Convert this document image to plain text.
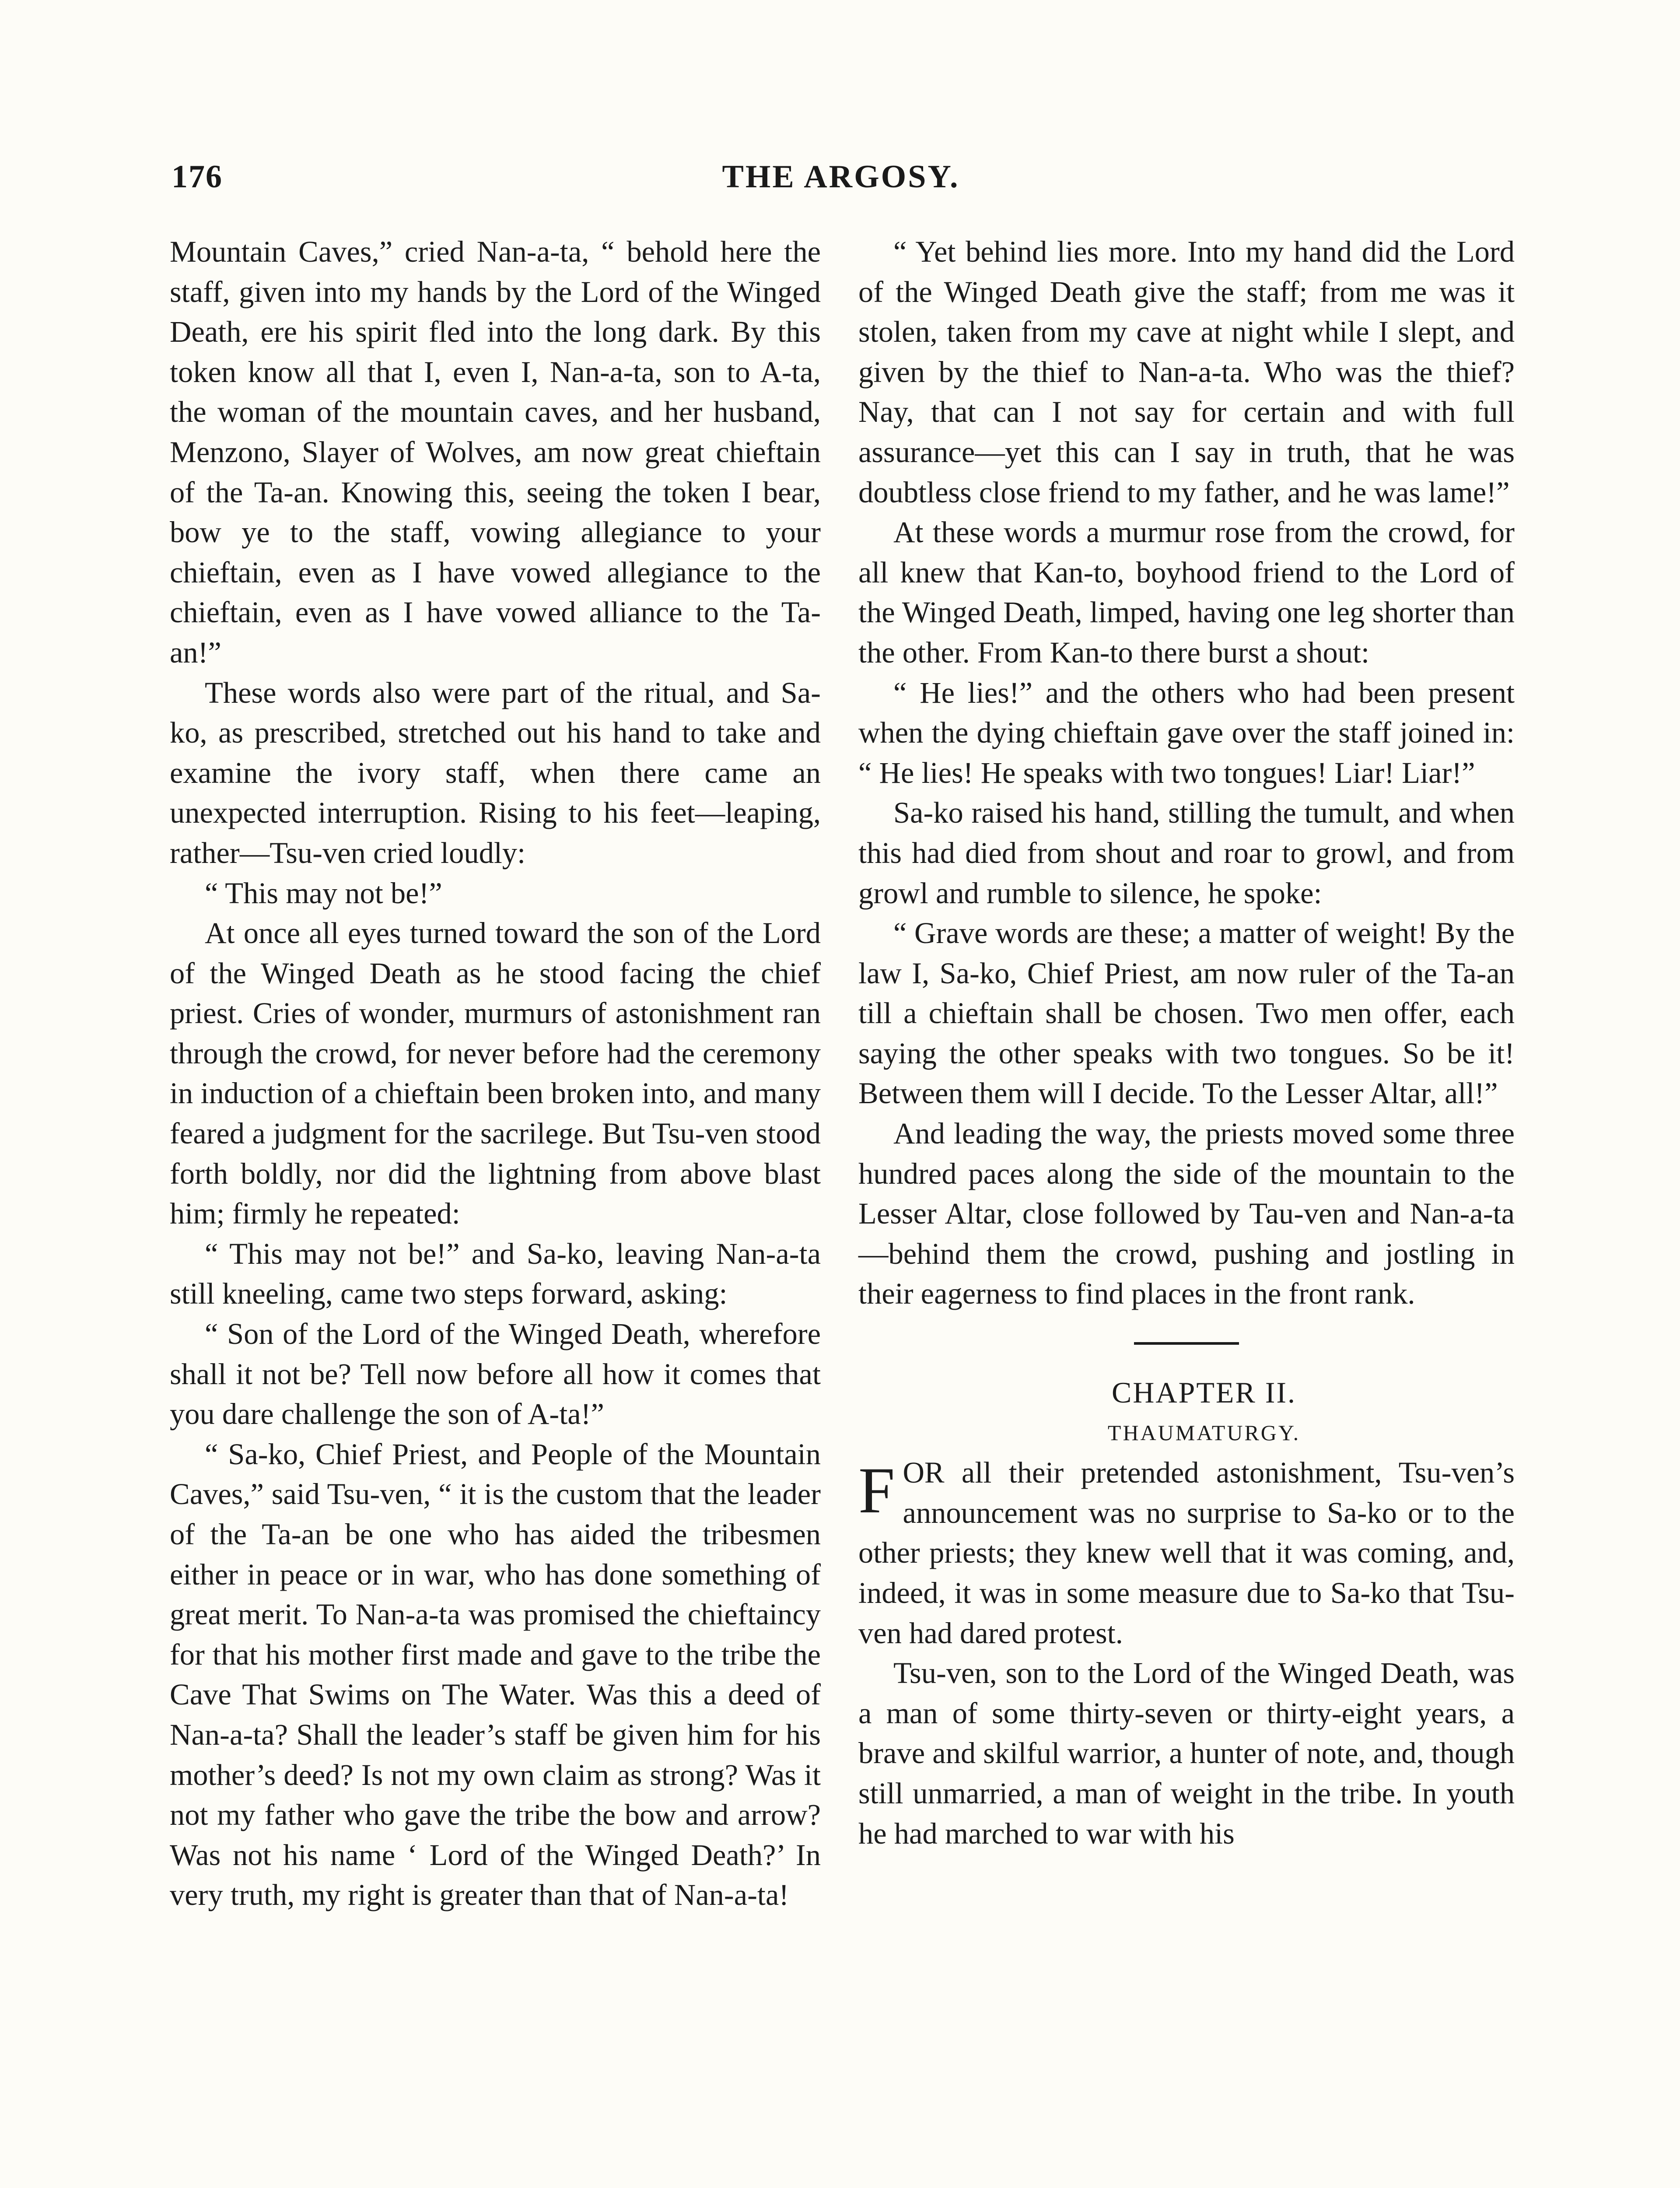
176	THE ARGOSY.

Mountain Caves,” cried Nan-a-ta, “ behold here the staff, given into my hands by the Lord of the Winged Death, ere his spirit fled into the long dark. By this token know all that I, even I, Nan-a-ta, son to A-ta, the woman of the mountain caves, and her husband, Menzono, Slayer of Wolves, am now great chieftain of the Ta-an. Knowing this, seeing the token I bear, bow ye to the staff, vowing allegiance to your chieftain, even as I have vowed allegiance to the chieftain, even as I have vowed alliance to the Ta-an!”

These words also were part of the ritual, and Sa-ko, as prescribed, stretched out his hand to take and examine the ivory staff, when there came an unexpected interruption. Rising to his feet—leaping, rather—Tsu-ven cried loudly:

“ This may not be!”

At once all eyes turned toward the son of the Lord of the Winged Death as he stood facing the chief priest. Cries of wonder, murmurs of astonishment ran through the crowd, for never before had the ceremony in induction of a chieftain been broken into, and many feared a judgment for the sacrilege. But Tsu-ven stood forth boldly, nor did the lightning from above blast him; firmly he repeated:

“ This may not be!” and Sa-ko, leaving Nan-a-ta still kneeling, came two steps forward, asking:

“ Son of the Lord of the Winged Death, wherefore shall it not be? Tell now before all how it comes that you dare challenge the son of A-ta!”

“ Sa-ko, Chief Priest, and People of the Mountain Caves,” said Tsu-ven, “ it is the custom that the leader of the Ta-an be one who has aided the tribesmen either in peace or in war, who has done something of great merit. To Nan-a-ta was promised the chieftaincy for that his mother first made and gave to the tribe the Cave That Swims on The Water. Was this a deed of Nan-a-ta? Shall the leader’s staff be given him for his mother’s deed? Is not my own claim as strong? Was it not my father who gave the tribe the bow and arrow? Was not his name ‘ Lord of the Winged Death?’ In very truth, my right is greater than that of Nan-a-ta!

“ Yet behind lies more. Into my hand did the Lord of the Winged Death give the staff; from me was it stolen, taken from my cave at night while I slept, and given by the thief to Nan-a-ta. Who was the thief? Nay, that can I not say for certain and with full assurance—yet this can I say in truth, that he was doubtless close friend to my father, and he was lame!”

At these words a murmur rose from the crowd, for all knew that Kan-to, boyhood friend to the Lord of the Winged Death, limped, having one leg shorter than the other. From Kan-to there burst a shout:

“ He lies!” and the others who had been present when the dying chieftain gave over the staff joined in: “ He lies! He speaks with two tongues! Liar! Liar!”

Sa-ko raised his hand, stilling the tumult, and when this had died from shout and roar to growl, and from growl and rumble to silence, he spoke:

“ Grave words are these; a matter of weight! By the law I, Sa-ko, Chief Priest, am now ruler of the Ta-an till a chieftain shall be chosen. Two men offer, each saying the other speaks with two tongues. So be it! Between them will I decide. To the Lesser Altar, all!”

And leading the way, the priests moved some three hundred paces along the side of the mountain to the Lesser Altar, close followed by Tau-ven and Nan-a-ta—behind them the crowd, pushing and jostling in their eagerness to find places in the front rank.

CHAPTER II.

THAUMATURGY.

FOR all their pretended astonishment, Tsu-ven’s announcement was no surprise to Sa-ko or to the other priests; they knew well that it was coming, and, indeed, it was in some measure due to Sa-ko that Tsu-ven had dared protest.

Tsu-ven, son to the Lord of the Winged Death, was a man of some thirty-seven or thirty-eight years, a brave and skilful warrior, a hunter of note, and, though still unmarried, a man of weight in the tribe. In youth he had marched to war with his
